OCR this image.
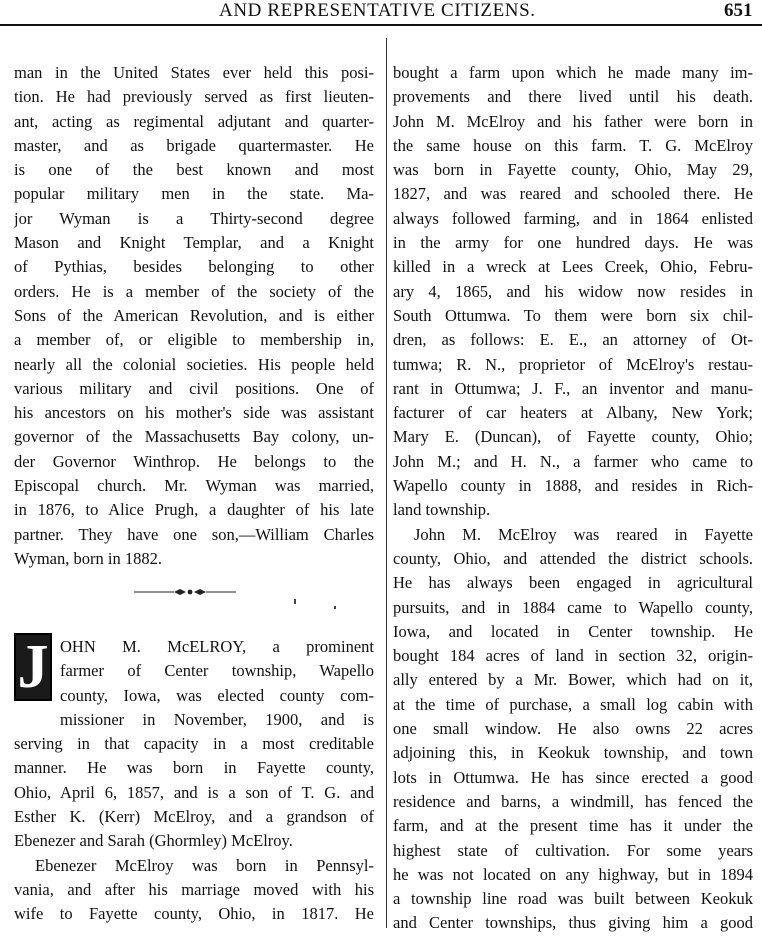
AND REPRESENTATIVE CITIZENS.	651
man in the United States ever held this posi-
tion. He had previously served as first lieuten-
ant, acting as regimental adjutant and quarter-
master, and as brigade quartermaster. He
is one of the best known and most
popular military men in the state. Ma-
jor Wyman is a Thirty-second degree
Mason and Knight Templar, and a Knight
of Pythias, besides belonging to other
orders. He is a member of the society of the
Sons of the American Revolution, and is either
a member of, or eligible to membership in,
nearly all the colonial societies. His people held
various military and civil positions. One of
his ancestors on his mother's side was assistant
governor of the Massachusetts Bay colony, un-
der Governor Winthrop. He belongs to the
Episcopal church. Mr. Wyman was married,
in 1876, to Alice Prugh, a daughter of his late
partner. They have one son,—William Charles
Wyman, born in 1882.
J OHN M. McELROY, a prominent
farmer of Center township, Wapello
county, Iowa, was elected county com-
missioner in November, 1900, and is
serving in that capacity in a most creditable
manner. He was born in Fayette county,
Ohio, April 6, 1857, and is a son of T. G. and
Esther K. (Kerr) McElroy, and a grandson of
Ebenezer and Sarah (Ghormley) McElroy.
Ebenezer McElroy was born in Pennsyl-
vania, and after his marriage moved with his
wife to Fayette county, Ohio, in 1817. He
bought a farm upon which he made many im-
provements and there lived until his death.
John M. McElroy and his father were born in
the same house on this farm. T. G. McElroy
was born in Fayette county, Ohio, May 29,
1827, and was reared and schooled there. He
always followed farming, and in 1864 enlisted
in the army for one hundred days. He was
killed in a wreck at Lees Creek, Ohio, Febru-
ary 4, 1865, and his widow now resides in
South Ottumwa. To them were born six chil-
dren, as follows: E. E., an attorney of Ot-
tumwa; R. N., proprietor of McElroy's restau-
rant in Ottumwa; J. F., an inventor and manu-
facturer of car heaters at Albany, New York;
Mary E. (Duncan), of Fayette county, Ohio;
John M.; and H. N., a farmer who came to
Wapello county in 1888, and resides in Rich-
land township.
John M. McElroy was reared in Fayette
county, Ohio, and attended the district schools.
He has always been engaged in agricultural
pursuits, and in 1884 came to Wapello county,
Iowa, and located in Center township. He
bought 184 acres of land in section 32, origin-
ally entered by a Mr. Bower, which had on it,
at the time of purchase, a small log cabin with
one small window. He also owns 22 acres
adjoining this, in Keokuk township, and town
lots in Ottumwa. He has since erected a good
residence and barns, a windmill, has fenced the
farm, and at the present time has it under the
highest state of cultivation. For some years
he was not located on any highway, but in 1894
a township line road was built between Keokuk
and Center townships, thus giving him a good
